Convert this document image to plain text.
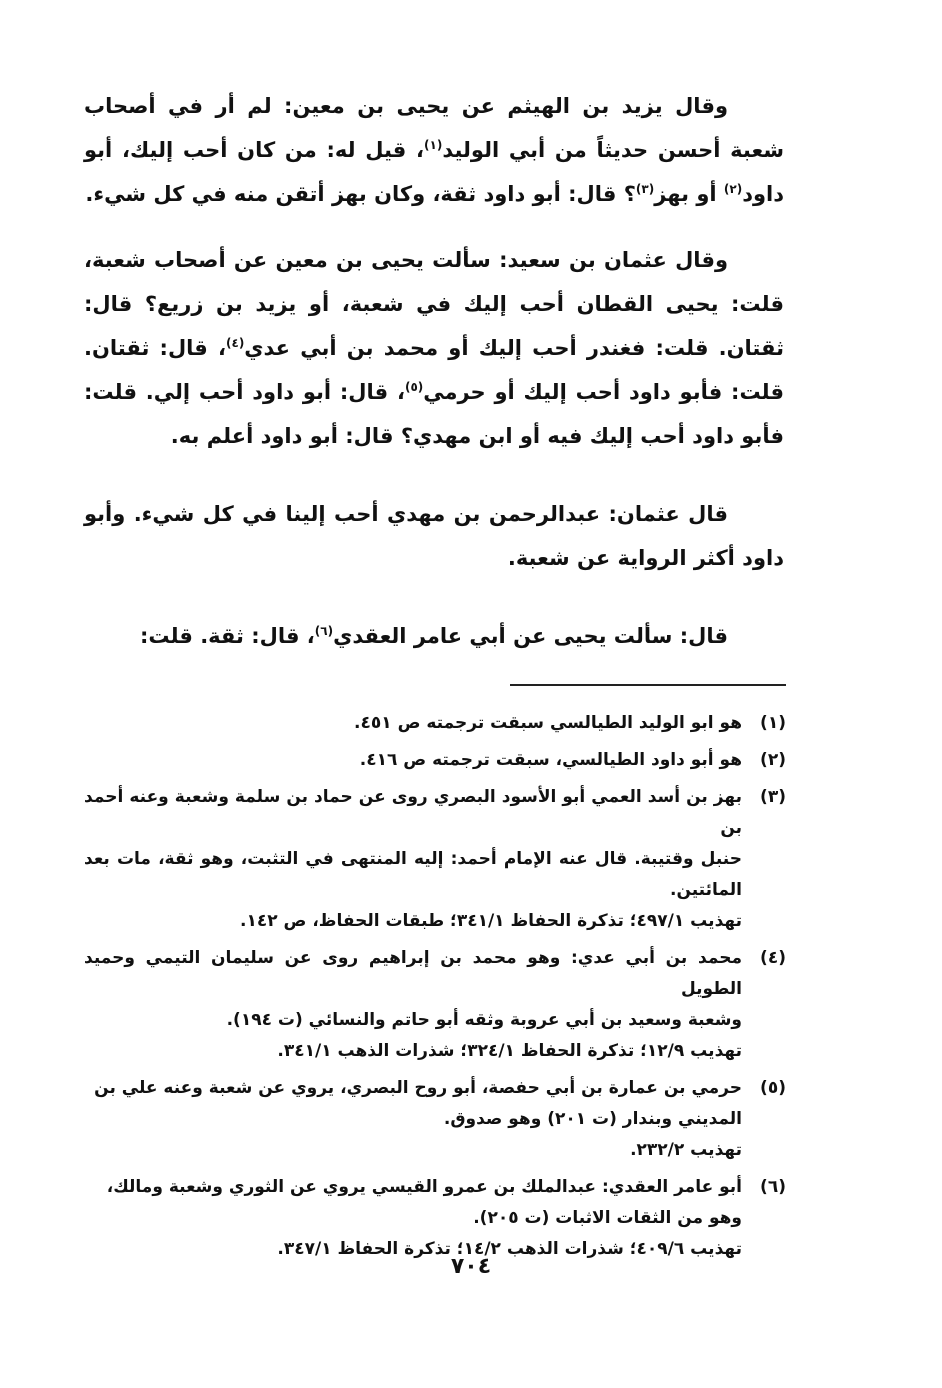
وقال يزيد بن الهيثم عن يحيى بن معين: لم أر في أصحاب شعبة أحسن حديثاً من أبي الوليد$^{(١)}$، قيل له: من كان أحب إليك، أبو داود$^{(٢)}$ أو بهز$^{(٣)}$؟ قال: أبو داود ثقة، وكان بهز أتقن منه في كل شيء.

وقال عثمان بن سعيد: سألت يحيى بن معين عن أصحاب شعبة، قلت: يحيى القطان أحب إليك في شعبة، أو يزيد بن زريع؟ قال: ثقتان. قلت: فغندر أحب إليك أو محمد بن أبي عدي$^{(٤)}$، قال: ثقتان. قلت: فأبو داود أحب إليك أو حرمي$^{(٥)}$، قال: أبو داود أحب إلي. قلت: فأبو داود أحب إليك فيه أو ابن مهدي؟ قال: أبو داود أعلم به.

قال عثمان: عبدالرحمن بن مهدي أحب إلينا في كل شيء. وأبو داود أكثر الرواية عن شعبة.

قال: سألت يحيى عن أبي عامر العقدي$^{(٦)}$، قال: ثقة. قلت:

(١)

هو ابو الوليد الطيالسي سبقت ترجمته ص ٤٥١.

(٢)

هو أبو داود الطيالسي، سبقت ترجمته ص ٤١٦.

(٣)

بهز بن أسد العمي أبو الأسود البصري روى عن حماد بن سلمة وشعبة وعنه أحمد بن

حنبل وقتيبة. قال عنه الإمام أحمد: إليه المنتهى في التثبت، وهو ثقة، مات بعد المائتين.

تهذيب ٤٩٧/١؛ تذكرة الحفاظ ٣٤١/١؛ طبقات الحفاظ، ص ١٤٢.

(٤)

محمد بن أبي عدي: وهو محمد بن إبراهيم روى عن سليمان التيمي وحميد الطويل

وشعبة وسعيد بن أبي عروبة وثقه أبو حاتم والنسائي (ت ١٩٤).

تهذيب ١٢/٩؛ تذكرة الحفاظ ٣٢٤/١؛ شذرات الذهب ٣٤١/١.

(٥)

حرمي بن عمارة بن أبي حفصة، أبو روح البصري، يروي عن شعبة وعنه علي بن

المديني وبندار (ت ٢٠١) وهو صدوق.

تهذيب ٢٣٢/٢.

(٦)

أبو عامر العقدي: عبدالملك بن عمرو القيسي يروي عن الثوري وشعبة ومالك،

وهو من الثقات الاثبات (ت ٢٠٥).

تهذيب ٤٠٩/٦؛ شذرات الذهب ١٤/٢؛ تذكرة الحفاظ ٣٤٧/١.

٧٠٤
